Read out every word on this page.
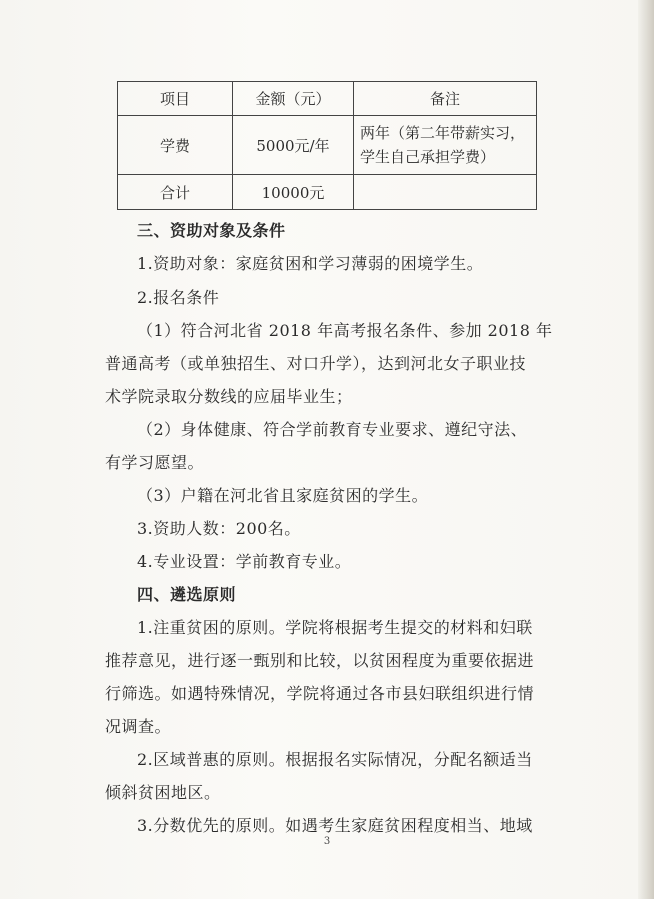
项目	金额（元）	备注
学费	5000元/年	两年（第二年带薪实习，
学生自己承担学费）

合计	10000元	
三、资助对象及条件
1.资助对象：家庭贫困和学习薄弱的困境学生。
2.报名条件
（1）符合河北省 2018 年高考报名条件、参加 2018 年
普通高考（或单独招生、对口升学），达到河北女子职业技
术学院录取分数线的应届毕业生；
（2）身体健康、符合学前教育专业要求、遵纪守法、
有学习愿望。
（3）户籍在河北省且家庭贫困的学生。
3.资助人数：200名。
4.专业设置：学前教育专业。
四、遴选原则
1.注重贫困的原则。学院将根据考生提交的材料和妇联
推荐意见，进行逐一甄别和比较，以贫困程度为重要依据进
行筛选。如遇特殊情况，学院将通过各市县妇联组织进行情
况调查。
2.区域普惠的原则。根据报名实际情况，分配名额适当
倾斜贫困地区。
3.分数优先的原则。如遇考生家庭贫困程度相当、地域
3
